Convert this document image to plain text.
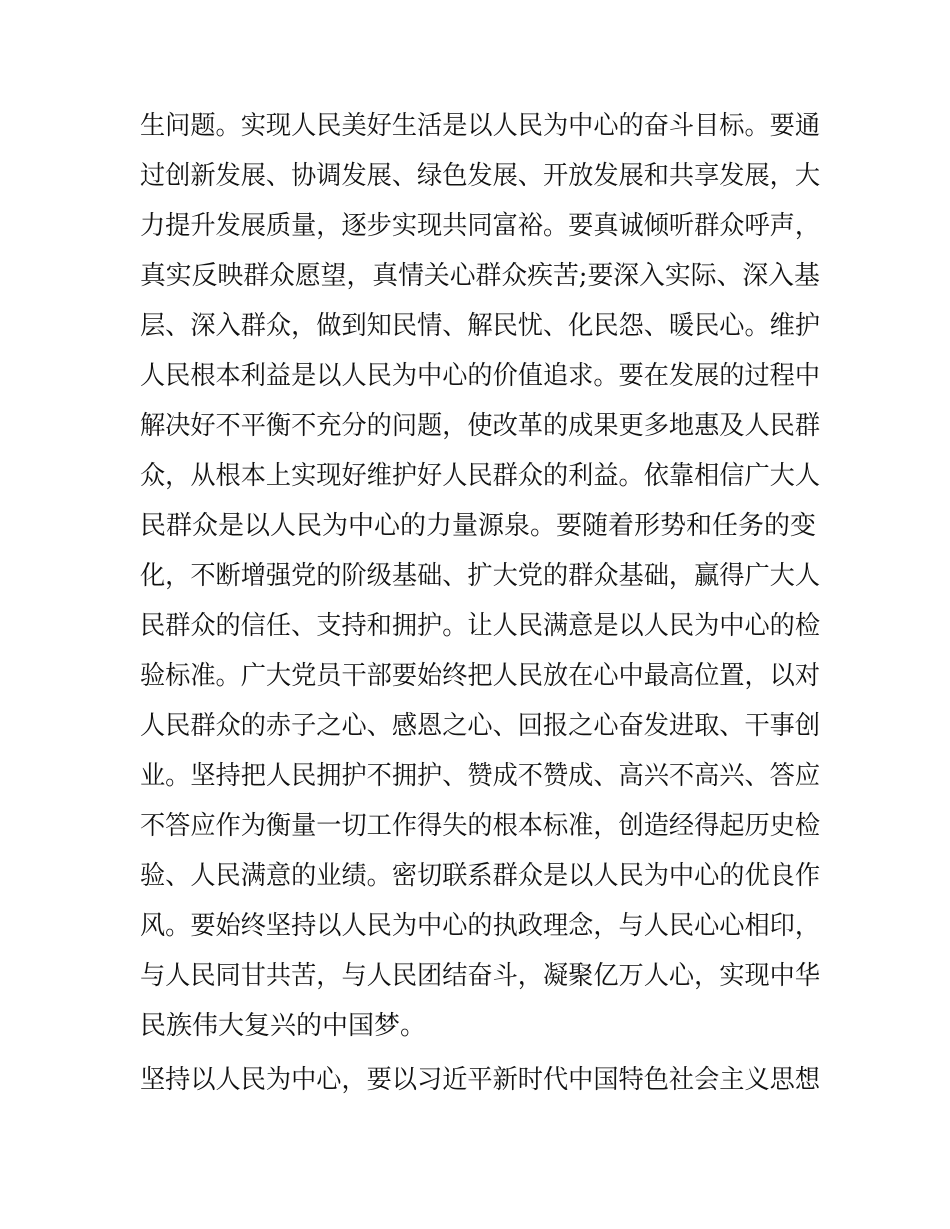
生问题。实现人民美好生活是以人民为中心的奋斗目标。要通
过创新发展、协调发展、绿色发展、开放发展和共享发展，大
力提升发展质量，逐步实现共同富裕。要真诚倾听群众呼声，
真实反映群众愿望，真情关心群众疾苦;要深入实际、深入基
层、深入群众，做到知民情、解民忧、化民怨、暖民心。维护
人民根本利益是以人民为中心的价值追求。要在发展的过程中
解决好不平衡不充分的问题，使改革的成果更多地惠及人民群
众，从根本上实现好维护好人民群众的利益。依靠相信广大人
民群众是以人民为中心的力量源泉。要随着形势和任务的变
化，不断增强党的阶级基础、扩大党的群众基础，赢得广大人
民群众的信任、支持和拥护。让人民满意是以人民为中心的检
验标准。广大党员干部要始终把人民放在心中最高位置，以对
人民群众的赤子之心、感恩之心、回报之心奋发进取、干事创
业。坚持把人民拥护不拥护、赞成不赞成、高兴不高兴、答应
不答应作为衡量一切工作得失的根本标准，创造经得起历史检
验、人民满意的业绩。密切联系群众是以人民为中心的优良作
风。要始终坚持以人民为中心的执政理念，与人民心心相印，
与人民同甘共苦，与人民团结奋斗，凝聚亿万人心，实现中华
民族伟大复兴的中国梦。
坚持以人民为中心，要以习近平新时代中国特色社会主义思想
